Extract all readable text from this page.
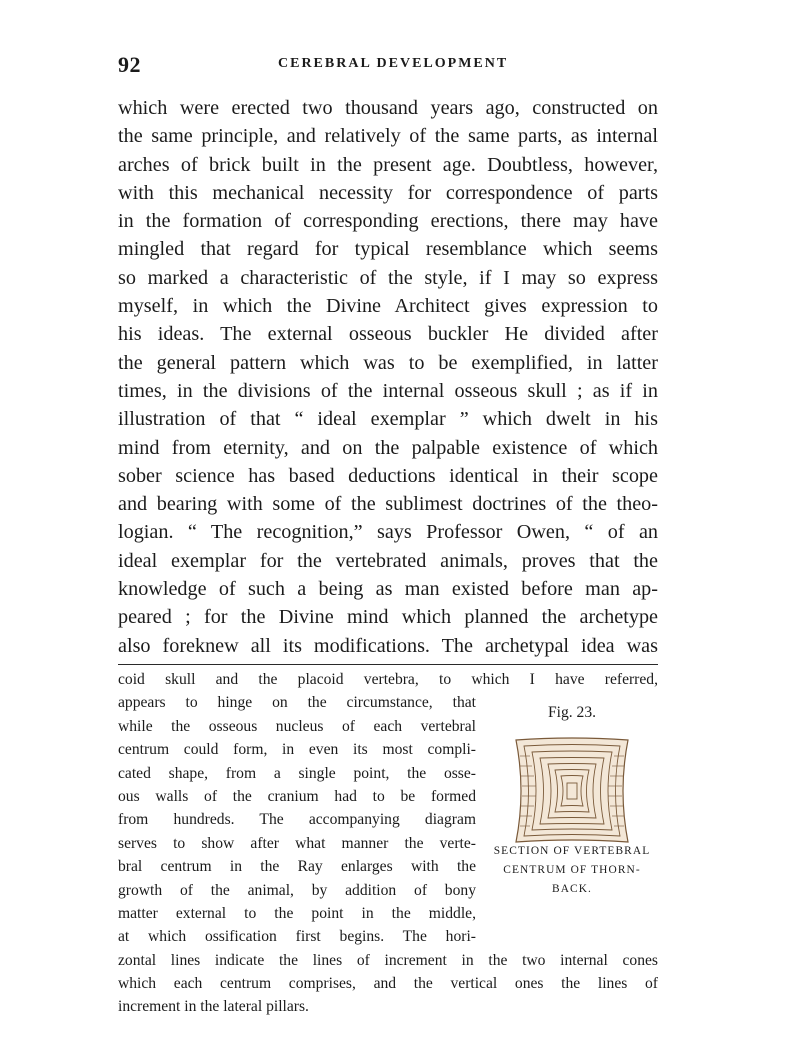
92	CEREBRAL DEVELOPMENT
which were erected two thousand years ago, constructed on
the same principle, and relatively of the same parts, as internal
arches of brick built in the present age. Doubtless, however,
with this mechanical necessity for correspondence of parts
in the formation of corresponding erections, there may have
mingled that regard for typical resemblance which seems
so marked a characteristic of the style, if I may so express
myself, in which the Divine Architect gives expression to
his ideas. The external osseous buckler He divided after
the general pattern which was to be exemplified, in latter
times, in the divisions of the internal osseous skull ; as if in
illustration of that “ ideal exemplar ” which dwelt in his
mind from eternity, and on the palpable existence of which
sober science has based deductions identical in their scope
and bearing with some of the sublimest doctrines of the theo-
logian. “ The recognition,” says Professor Owen, “ of an
ideal exemplar for the vertebrated animals, proves that the
knowledge of such a being as man existed before man ap-
peared ; for the Divine mind which planned the archetype
also foreknew all its modifications. The archetypal idea was
coid skull and the placoid vertebra, to which I have referred,
appears to hinge on the circumstance, that
while the osseous nucleus of each vertebral
centrum could form, in even its most compli-
cated shape, from a single point, the osse-
ous walls of the cranium had to be formed
from hundreds. The accompanying diagram
serves to show after what manner the verte-
bral centrum in the Ray enlarges with the
growth of the animal, by addition of bony
matter external to the point in the middle,
at which ossification first begins. The hori-
zontal lines indicate the lines of increment in the two internal cones
which each centrum comprises, and the vertical ones the lines of
increment in the lateral pillars.
Fig. 23.
SECTION OF VERTEBRAL
CENTRUM OF THORN-
BACK.
